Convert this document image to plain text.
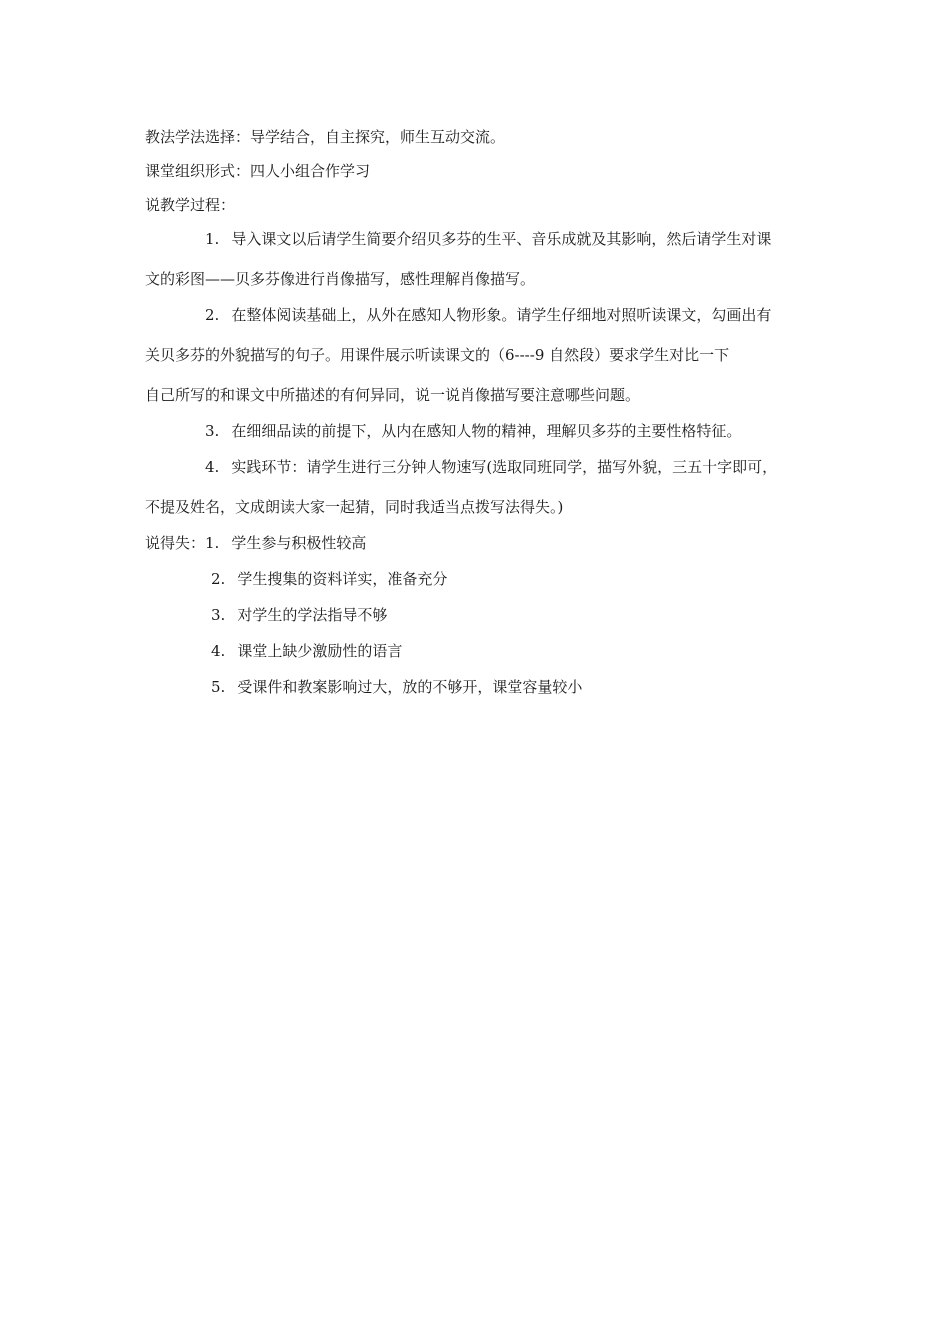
教法学法选择：导学结合，自主探究，师生互动交流。

课堂组织形式：四人小组合作学习

说教学过程：

1. 导入课文以后请学生简要介绍贝多芬的生平、音乐成就及其影响，然后请学生对课

文的彩图——贝多芬像进行肖像描写，感性理解肖像描写。

2. 在整体阅读基础上，从外在感知人物形象。请学生仔细地对照听读课文，勾画出有

关贝多芬的外貌描写的句子。用课件展示听读课文的（6----9 自然段）要求学生对比一下

自己所写的和课文中所描述的有何异同，说一说肖像描写要注意哪些问题。

3. 在细细品读的前提下，从内在感知人物的精神，理解贝多芬的主要性格特征。

4. 实践环节：请学生进行三分钟人物速写(选取同班同学，描写外貌，三五十字即可，

不提及姓名，文成朗读大家一起猜，同时我适当点拨写法得失。)

说得失：1. 学生参与积极性较高
2. 学生搜集的资料详实，准备充分
3. 对学生的学法指导不够
4. 课堂上缺少激励性的语言
5. 受课件和教案影响过大，放的不够开，课堂容量较小
